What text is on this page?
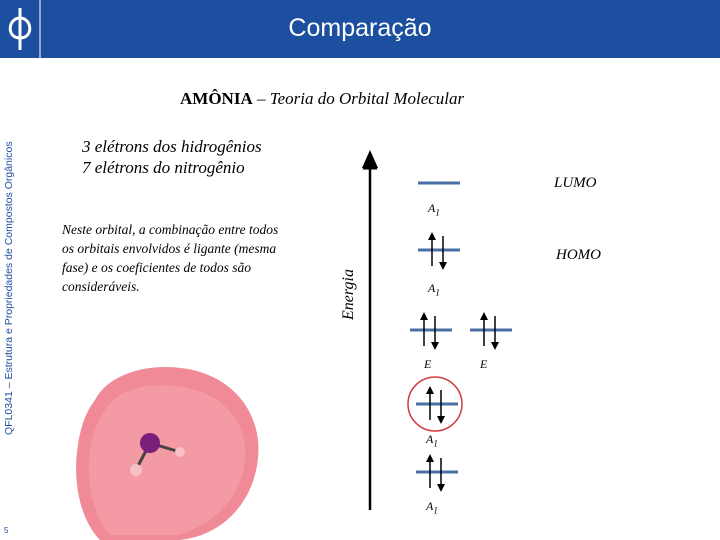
Comparação
QFL0341 – Estrutura e Propriedades de Compostos Orgânicos
5
AMÔNIA – Teoria do Orbital Molecular
3 elétrons dos hidrogênios
7 elétrons do nitrogênio
Neste orbital, a combinação entre todos os orbitais envolvidos é ligante (mesma fase) e os coeficientes de todos são consideráveis.	Energia
$A_1$
LUMO
$A_1$
HOMO
E	E
$A_1$
$A_1$
